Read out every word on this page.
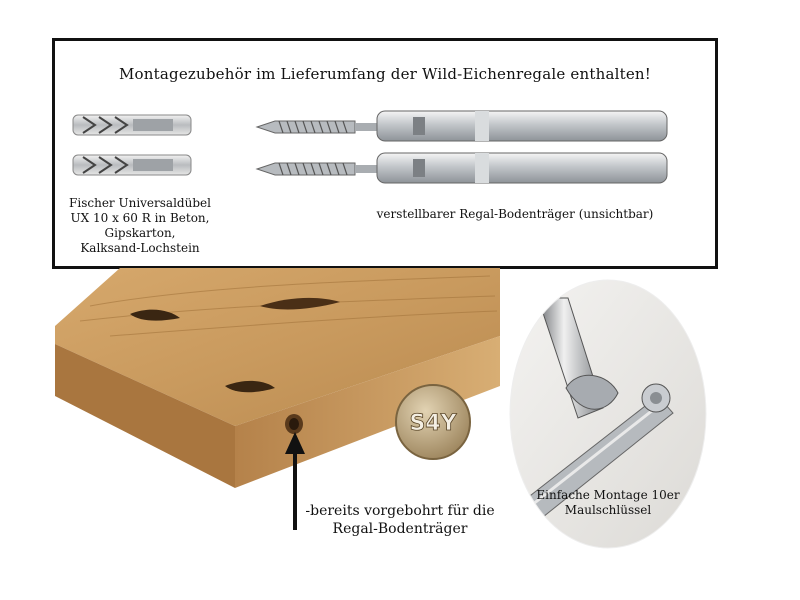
Montagezubehör im Lieferumfang der Wild-Eichenregale enthalten!
Fischer Universaldübel
UX 10 x 60 R in Beton,
Gipskarton,
Kalksand-Lochstein
verstellbarer Regal-Bodenträger (unsichtbar)
S4Y
-bereits vorgebohrt für die
Regal-Bodenträger
Einfache Montage 10er
Maulschlüssel
